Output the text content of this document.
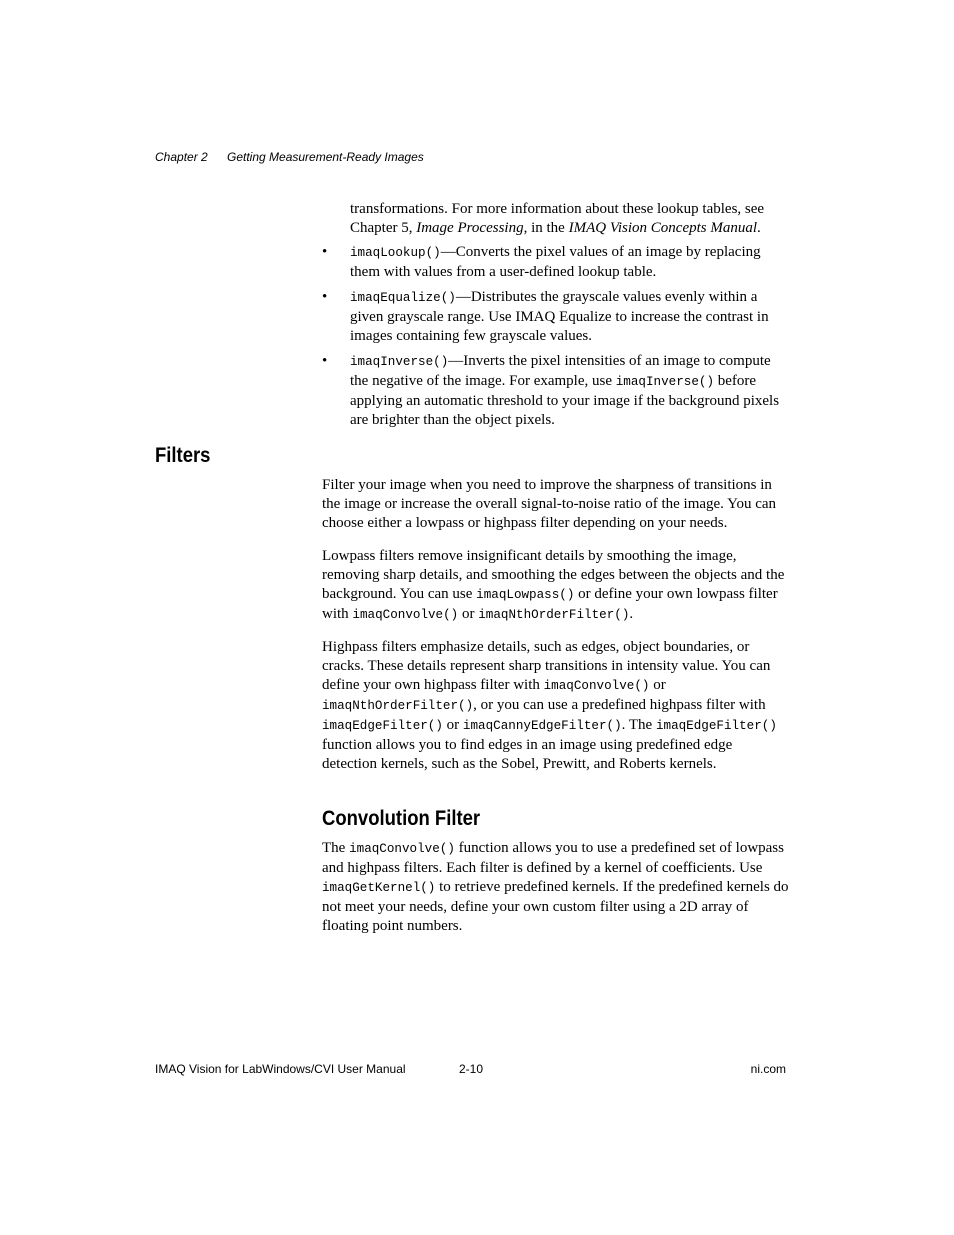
Chapter 2 Getting Measurement-Ready Images

transformations. For more information about these lookup tables, see Chapter 5, Image Processing, in the IMAQ Vision Concepts Manual.

• imaqLookup()—Converts the pixel values of an image by replacing them with values from a user-defined lookup table.
• imaqEqualize()—Distributes the grayscale values evenly within a given grayscale range. Use IMAQ Equalize to increase the contrast in images containing few grayscale values.
• imaqInverse()—Inverts the pixel intensities of an image to compute the negative of the image. For example, use imaqInverse() before applying an automatic threshold to your image if the background pixels are brighter than the object pixels.
Filters

Filter your image when you need to improve the sharpness of transitions in the image or increase the overall signal-to-noise ratio of the image. You can choose either a lowpass or highpass filter depending on your needs.

Lowpass filters remove insignificant details by smoothing the image, removing sharp details, and smoothing the edges between the objects and the background. You can use imaqLowpass() or define your own lowpass filter with imaqConvolve() or imaqNthOrderFilter().

Highpass filters emphasize details, such as edges, object boundaries, or cracks. These details represent sharp transitions in intensity value. You can define your own highpass filter with imaqConvolve() or imaqNthOrderFilter(), or you can use a predefined highpass filter with imaqEdgeFilter() or imaqCannyEdgeFilter(). The imaqEdgeFilter() function allows you to find edges in an image using predefined edge detection kernels, such as the Sobel, Prewitt, and Roberts kernels.

Convolution Filter

The imaqConvolve() function allows you to use a predefined set of lowpass and highpass filters. Each filter is defined by a kernel of coefficients. Use imaqGetKernel() to retrieve predefined kernels. If the predefined kernels do not meet your needs, define your own custom filter using a 2D array of floating point numbers.

IMAQ Vision for LabWindows/CVI User Manual	2-10	ni.com
